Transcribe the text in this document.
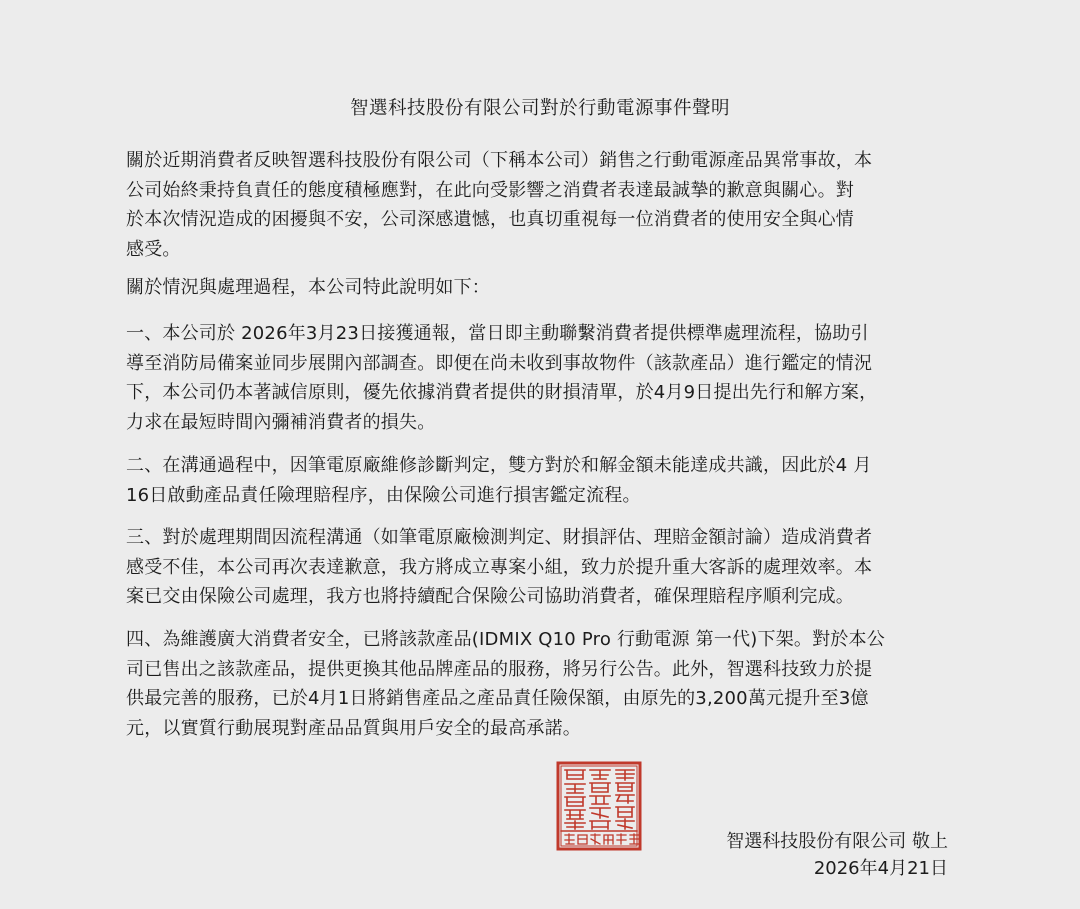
智選科技股份有限公司對於行動電源事件聲明
關於近期消費者反映智選科技股份有限公司（下稱本公司）銷售之行動電源產品異常事故，本
公司始終秉持負責任的態度積極應對，在此向受影響之消費者表達最誠摯的歉意與關心。對
於本次情況造成的困擾與不安，公司深感遺憾，也真切重視每一位消費者的使用安全與心情
感受。
關於情況與處理過程，本公司特此說明如下：
一、本公司於 2026年3月23日接獲通報，當日即主動聯繫消費者提供標準處理流程，協助引
導至消防局備案並同步展開內部調查。即便在尚未收到事故物件（該款產品）進行鑑定的情況
下，本公司仍本著誠信原則，優先依據消費者提供的財損清單，於4月9日提出先行和解方案，
力求在最短時間內彌補消費者的損失。
二、在溝通過程中，因筆電原廠維修診斷判定，雙方對於和解金額未能達成共識，因此於4 月
16日啟動產品責任險理賠程序，由保險公司進行損害鑑定流程。
三、對於處理期間因流程溝通（如筆電原廠檢測判定、財損評估、理賠金額討論）造成消費者
感受不佳，本公司再次表達歉意，我方將成立專案小組，致力於提升重大客訴的處理效率。本
案已交由保險公司處理，我方也將持續配合保險公司協助消費者，確保理賠程序順利完成。
四、為維護廣大消費者安全，已將該款產品(IDMIX Q10 Pro 行動電源 第一代)下架。對於本公
司已售出之該款產品，提供更換其他品牌產品的服務，將另行公告。此外，智選科技致力於提
供最完善的服務，已於4月1日將銷售產品之產品責任險保額，由原先的3,200萬元提升至3億
元，以實質行動展現對產品品質與用戶安全的最高承諾。
智選科技股份有限公司 敬上
2026年4月21日
